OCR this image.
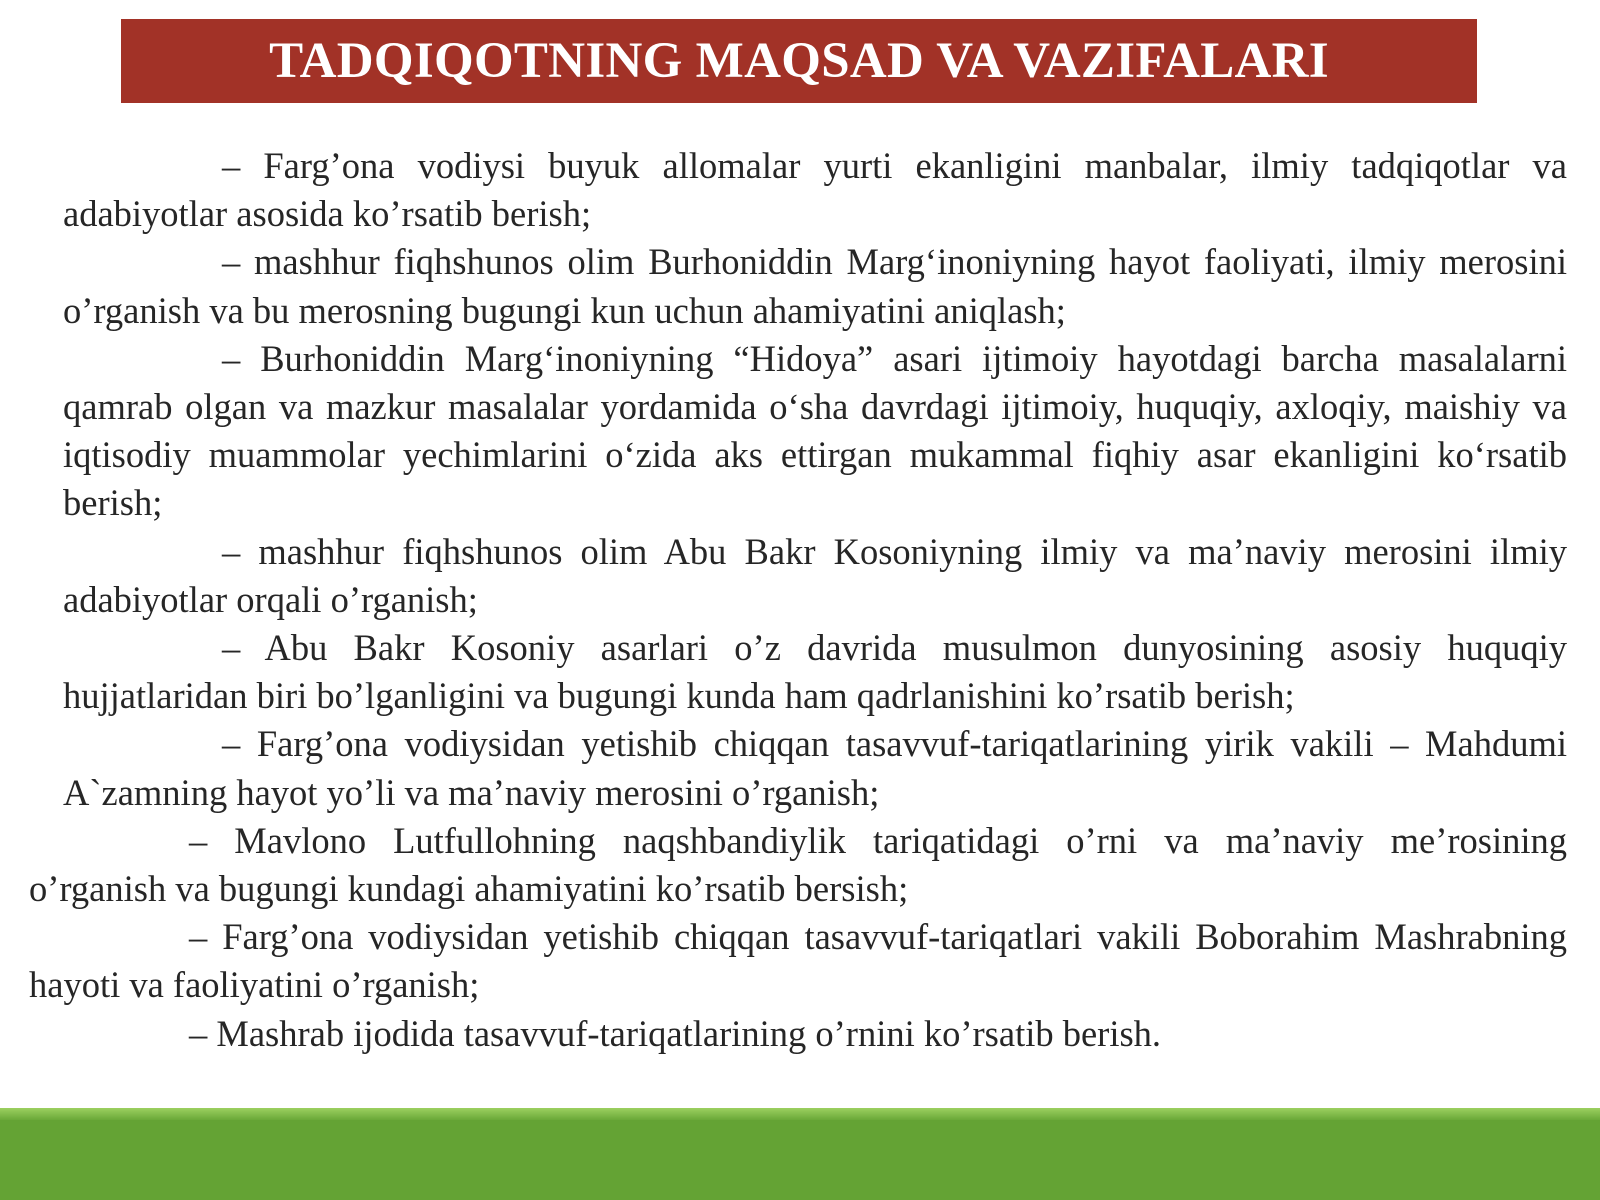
TADQIQOTNING MAQSAD VA VAZIFALARI

– Farg’ona vodiysi buyuk allomalar yurti ekanligini manbalar, ilmiy tadqiqotlar va adabiyotlar asosida ko’rsatib berish;

– mashhur fiqhshunos olim Burhoniddin Marg‘inoniyning hayot faoliyati, ilmiy merosini o’rganish va bu merosning bugungi kun uchun ahamiyatini aniqlash;

– Burhoniddin Marg‘inoniyning “Hidoya” asari ijtimoiy hayotdagi barcha masalalarni qamrab olgan va mazkur masalalar yordamida o‘sha davrdagi ijtimoiy, huquqiy, axloqiy, maishiy va iqtisodiy muammolar yechimlarini o‘zida aks ettirgan mukammal fiqhiy asar ekanligini ko‘rsatib berish;

– mashhur fiqhshunos olim Abu Bakr Kosoniyning ilmiy va ma’naviy merosini ilmiy adabiyotlar orqali o’rganish;

– Abu Bakr Kosoniy asarlari o’z davrida musulmon dunyosining asosiy huquqiy hujjatlaridan biri bo’lganligini va bugungi kunda ham qadrlanishini ko’rsatib berish;

– Farg’ona vodiysidan yetishib chiqqan tasavvuf-tariqatlarining yirik vakili – Mahdumi A`zamning hayot yo’li va ma’naviy merosini o’rganish;

– Mavlono Lutfullohning naqshbandiylik tariqatidagi o’rni va ma’naviy me’rosining o’rganish va bugungi kundagi ahamiyatini ko’rsatib bersish;

– Farg’ona vodiysidan yetishib chiqqan tasavvuf-tariqatlari vakili Boborahim Mashrabning hayoti va faoliyatini o’rganish;

– Mashrab ijodida tasavvuf-tariqatlarining o’rnini ko’rsatib berish.
